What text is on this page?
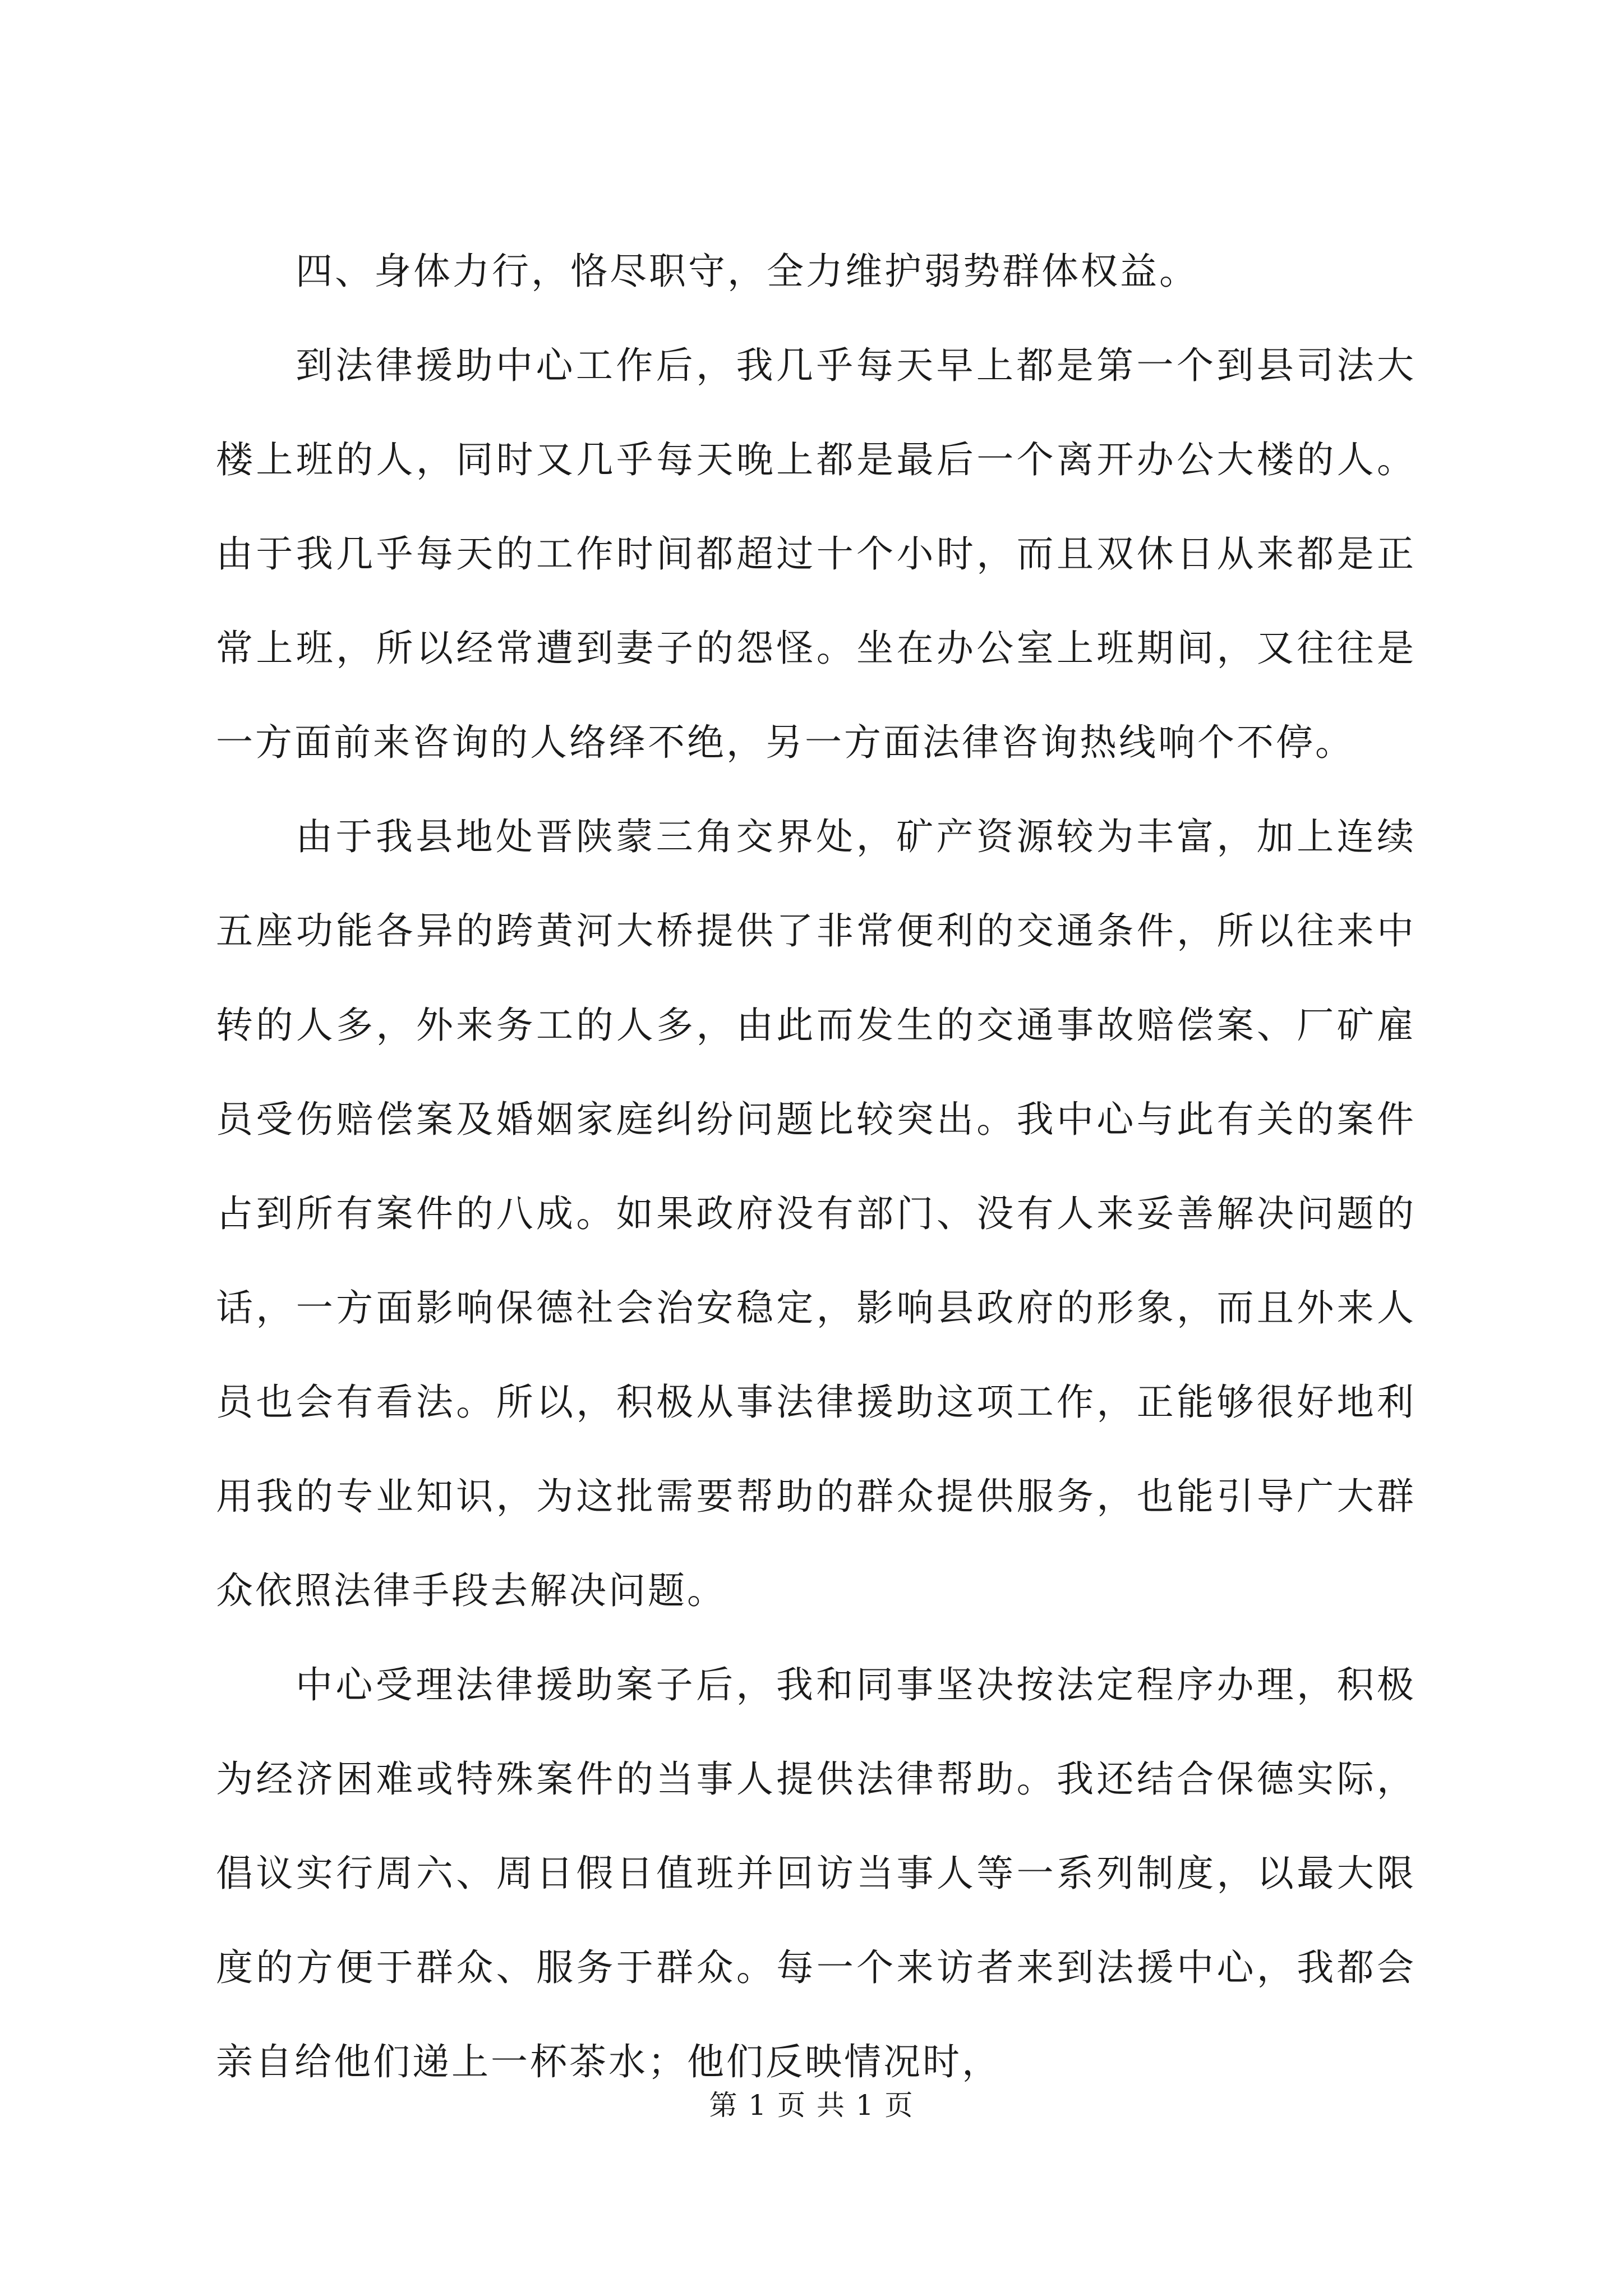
四、身体力行，恪尽职守，全力维护弱势群体权益。

到法律援助中心工作后，我几乎每天早上都是第一个到县司法大楼上班的人，同时又几乎每天晚上都是最后一个离开办公大楼的人。由于我几乎每天的工作时间都超过十个小时，而且双休日从来都是正常上班，所以经常遭到妻子的怨怪。坐在办公室上班期间，又往往是一方面前来咨询的人络绎不绝，另一方面法律咨询热线响个不停。

由于我县地处晋陕蒙三角交界处，矿产资源较为丰富，加上连续五座功能各异的跨黄河大桥提供了非常便利的交通条件，所以往来中转的人多，外来务工的人多，由此而发生的交通事故赔偿案、厂矿雇员受伤赔偿案及婚姻家庭纠纷问题比较突出。我中心与此有关的案件占到所有案件的八成。如果政府没有部门、没有人来妥善解决问题的话，一方面影响保德社会治安稳定，影响县政府的形象，而且外来人员也会有看法。所以，积极从事法律援助这项工作，正能够很好地利用我的专业知识，为这批需要帮助的群众提供服务，也能引导广大群众依照法律手段去解决问题。

中心受理法律援助案子后，我和同事坚决按法定程序办理，积极为经济困难或特殊案件的当事人提供法律帮助。我还结合保德实际，倡议实行周六、周日假日值班并回访当事人等一系列制度，以最大限度的方便于群众、服务于群众。每一个来访者来到法援中心，我都会亲自给他们递上一杯茶水；他们反映情况时，

第 1 页 共 1 页
